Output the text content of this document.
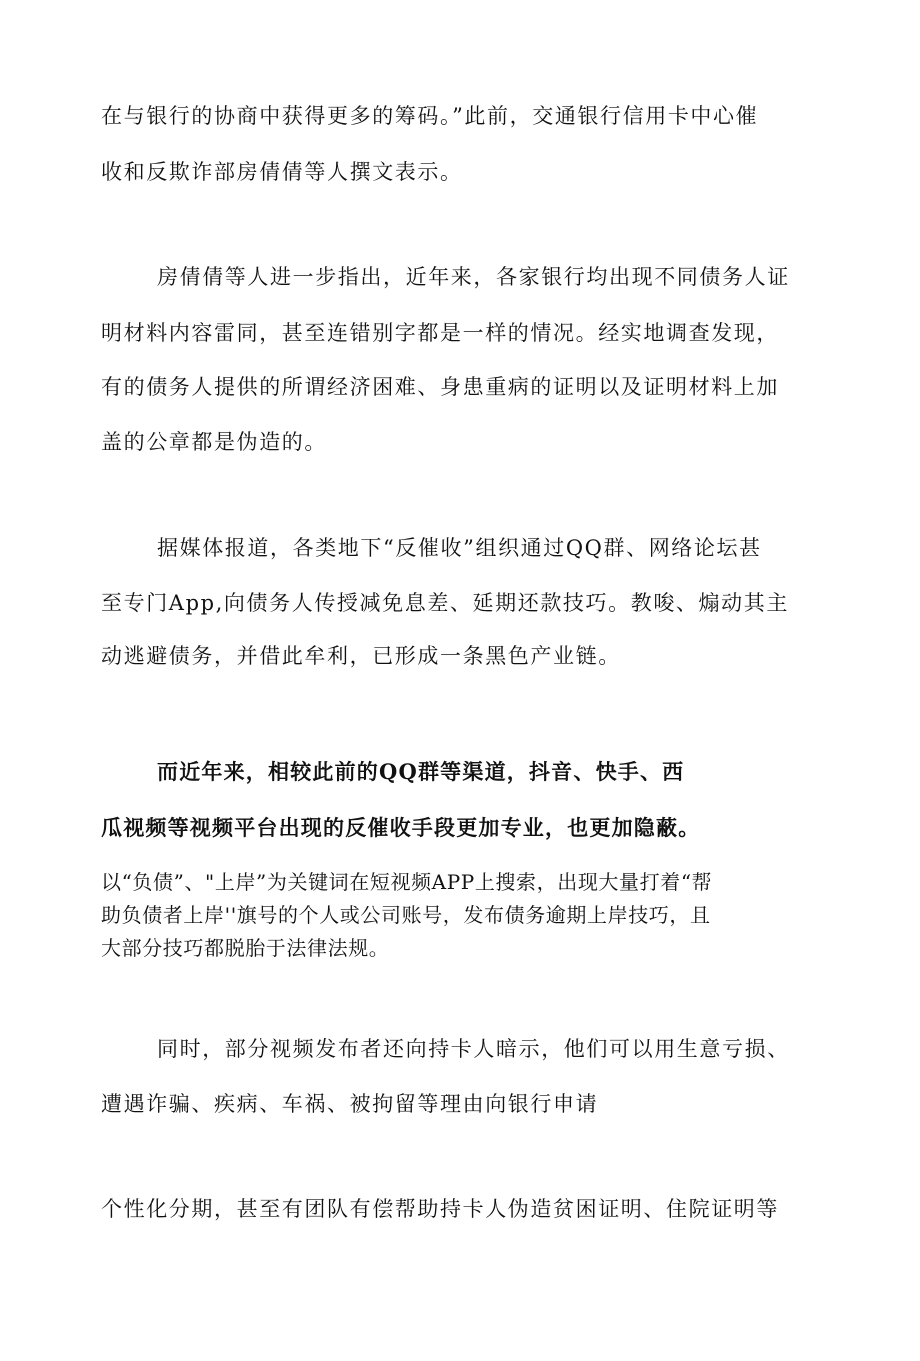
在与银行的协商中获得更多的筹码。”此前，交通银行信用卡中心催
收和反欺诈部房倩倩等人撰文表示。
房倩倩等人进一步指出，近年来，各家银行均出现不同债务人证
明材料内容雷同，甚至连错别字都是一样的情况。经实地调查发现，
有的债务人提供的所谓经济困难、身患重病的证明以及证明材料上加
盖的公章都是伪造的。
据媒体报道，各类地下“反催收”组织通过QQ群、网络论坛甚
至专门App,向债务人传授减免息差、延期还款技巧。教唆、煽动其主
动逃避债务，并借此牟利，已形成一条黑色产业链。
而近年来，相较此前的QQ群等渠道，抖音、快手、西
瓜视频等视频平台出现的反催收手段更加专业，也更加隐蔽。
以“负债”、"上岸”为关键词在短视频APP上搜索，出现大量打着“帮
助负债者上岸''旗号的个人或公司账号，发布债务逾期上岸技巧，且
大部分技巧都脱胎于法律法规。
同时，部分视频发布者还向持卡人暗示，他们可以用生意亏损、
遭遇诈骗、疾病、车祸、被拘留等理由向银行申请
个性化分期，甚至有团队有偿帮助持卡人伪造贫困证明、住院证明等
